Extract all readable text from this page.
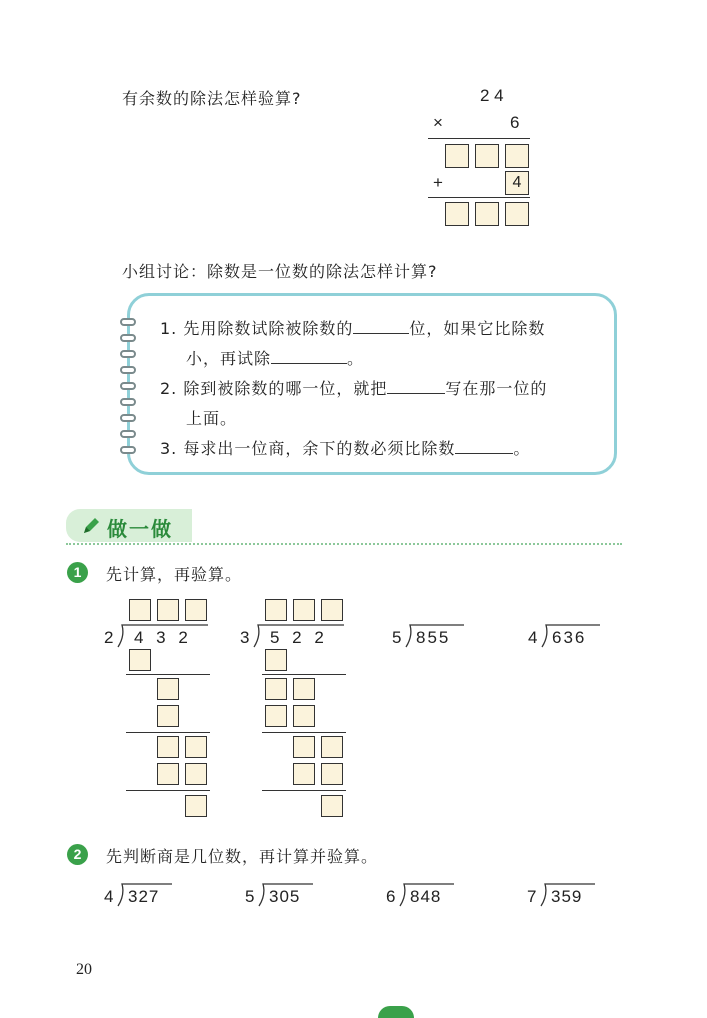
有余数的除法怎样验算?	2 4
×	6
+	4
小组讨论：除数是一位数的除法怎样计算?
1. 先用除数试除被除数的	位，如果它比除数
小，再试除	。
2. 除到被除数的哪一位，就把	写在那一位的
上面。
3. 每求出一位商，余下的数必须比除数	。
做一做
1	先计算，再验算。
2 4 3 2	3 5 2 2	5 855	4 636
2	先判断商是几位数，再计算并验算。
4 327	5 305	6 848	7 359
20
